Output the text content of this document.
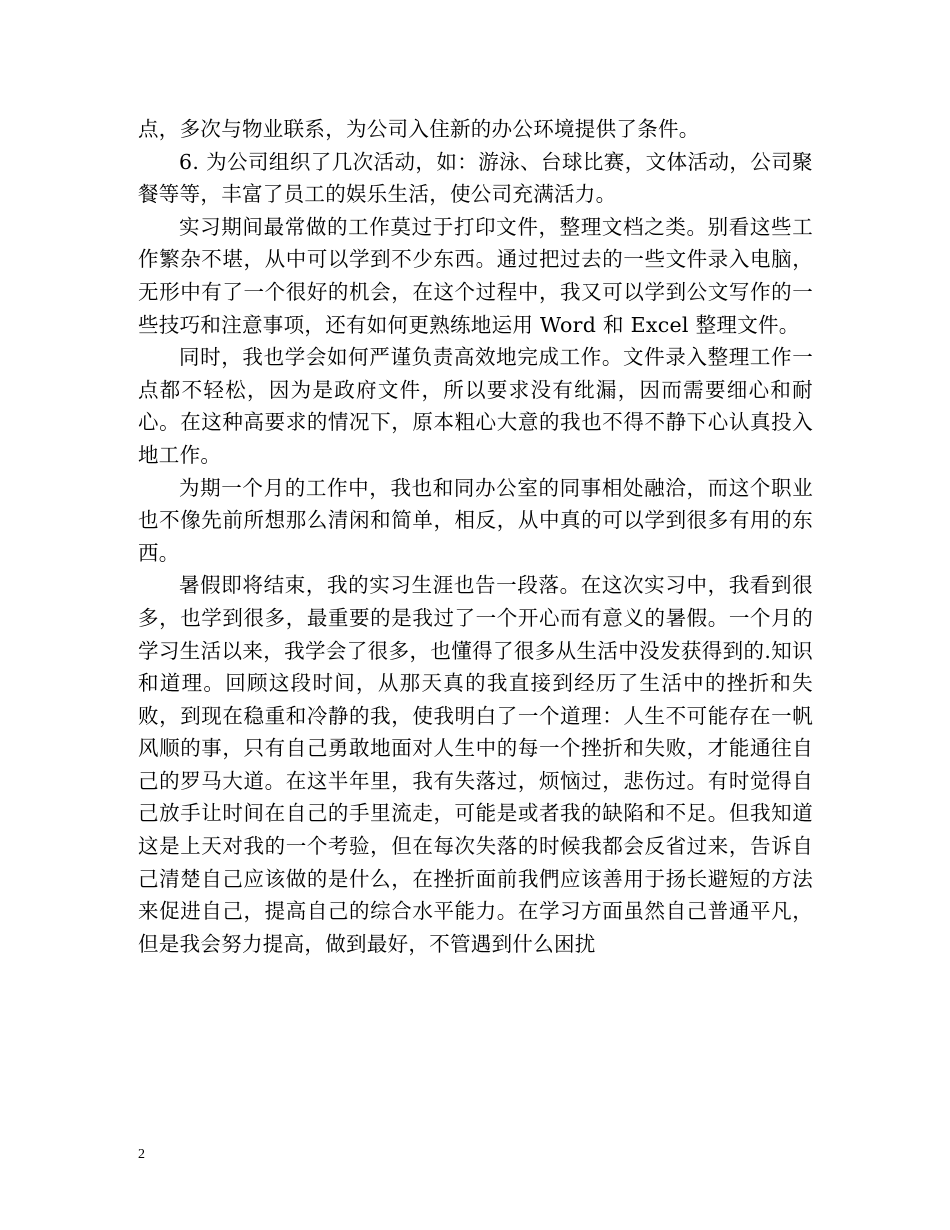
点，多次与物业联系，为公司入住新的办公环境提供了条件。

6. 为公司组织了几次活动，如：游泳、台球比赛，文体活动，公司聚餐等等，丰富了员工的娱乐生活，使公司充满活力。

实习期间最常做的工作莫过于打印文件，整理文档之类。别看这些工作繁杂不堪，从中可以学到不少东西。通过把过去的一些文件录入电脑，无形中有了一个很好的机会，在这个过程中，我又可以学到公文写作的一些技巧和注意事项，还有如何更熟练地运用 Word 和 Excel 整理文件。

同时，我也学会如何严谨负责高效地完成工作。文件录入整理工作一点都不轻松，因为是政府文件，所以要求没有纰漏，因而需要细心和耐心。在这种高要求的情况下，原本粗心大意的我也不得不静下心认真投入地工作。

为期一个月的工作中，我也和同办公室的同事相处融洽，而这个职业也不像先前所想那么清闲和简单，相反，从中真的可以学到很多有用的东西。

暑假即将结束，我的实习生涯也告一段落。在这次实习中，我看到很多，也学到很多，最重要的是我过了一个开心而有意义的暑假。一个月的学习生活以来，我学会了很多，也懂得了很多从生活中没发获得到的.知识和道理。回顾这段时间，从那天真的我直接到经历了生活中的挫折和失败，到现在稳重和冷静的我，使我明白了一个道理：人生不可能存在一帆风顺的事，只有自己勇敢地面对人生中的每一个挫折和失败，才能通往自己的罗马大道。在这半年里，我有失落过，烦恼过，悲伤过。有时觉得自己放手让时间在自己的手里流走，可能是或者我的缺陷和不足。但我知道这是上天对我的一个考验，但在每次失落的时候我都会反省过来，告诉自己清楚自己应该做的是什么，在挫折面前我們应该善用于扬长避短的方法来促进自己，提高自己的综合水平能力。在学习方面虽然自己普通平凡，但是我会努力提高，做到最好，不管遇到什么困扰

2
